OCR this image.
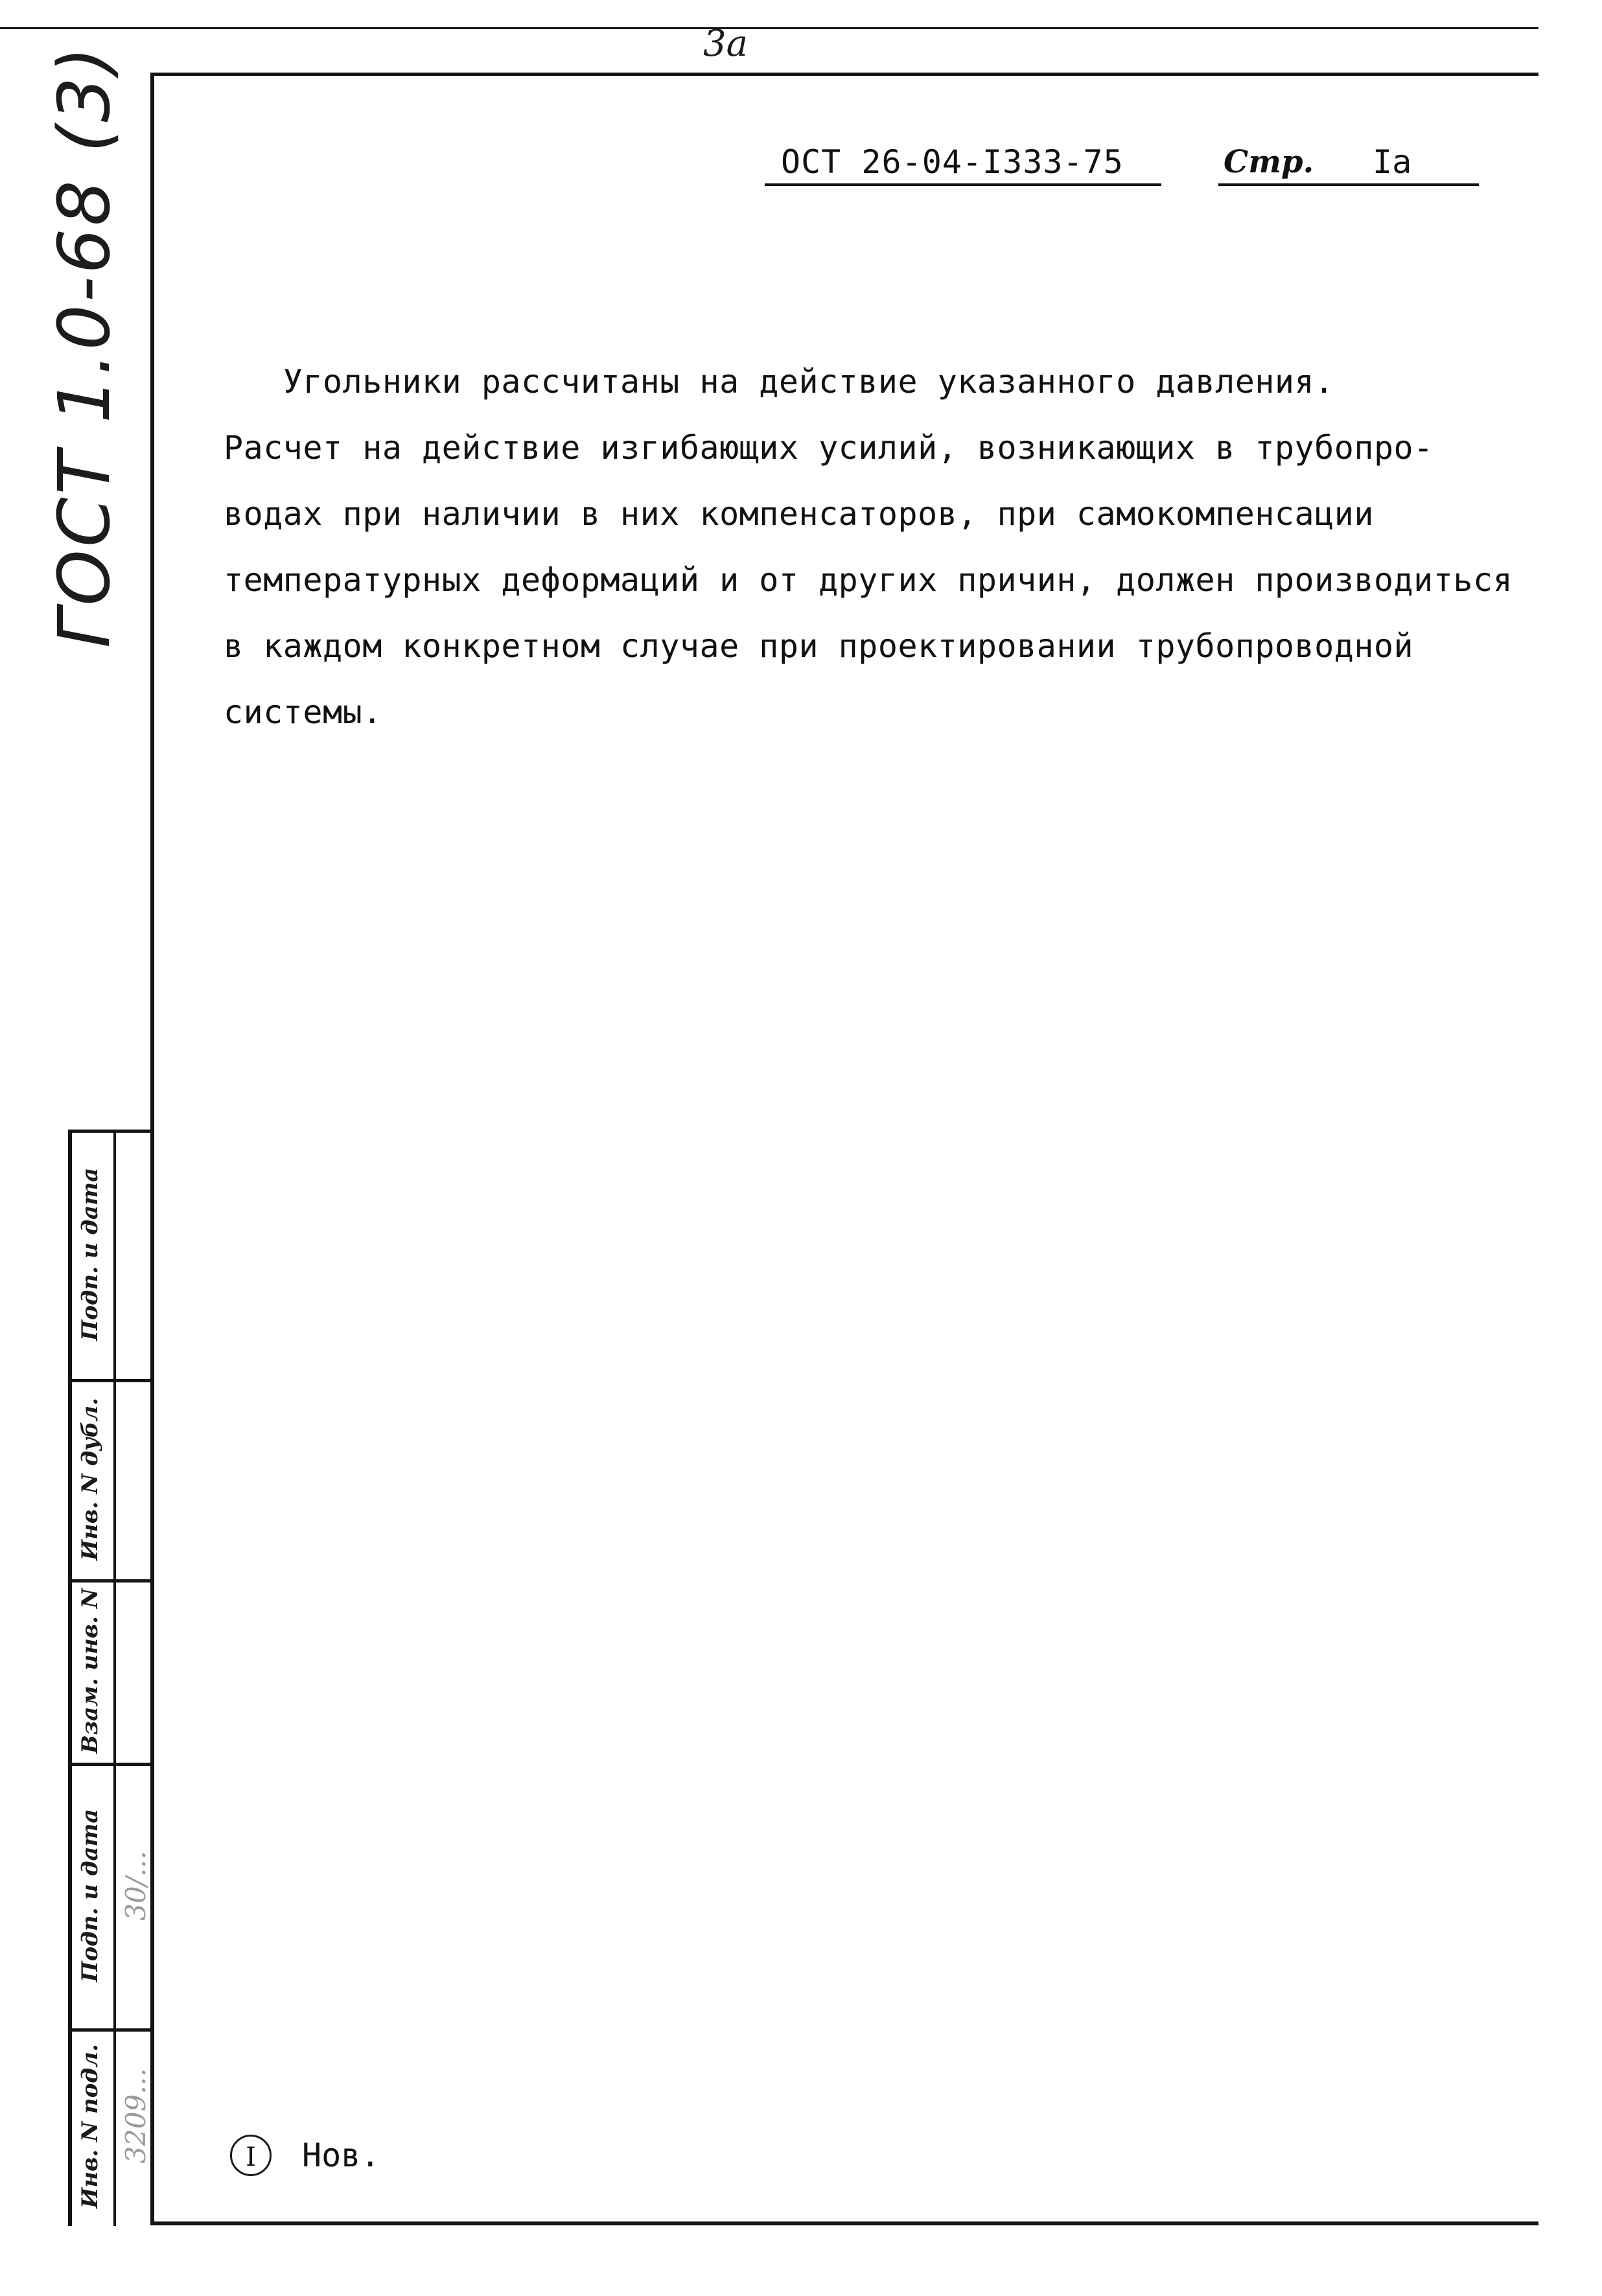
3a
ОСТ 26-04-I333-75	Стр. Iа

Угольники рассчитаны на действие указанного давления.
Расчет на действие изгибающих усилий, возникающих в трубопро-
водах при наличии в них компенсаторов, при самокомпенсации
температурных деформаций и от других причин, должен производиться
в каждом конкретном случае при проектировании трубопроводной
системы.

ГОСТ 1.0-68 (3)
Подп. и дата
Инв. N дубл.
Взам. инв. N
Подп. и дата
Инв. N подл.
30/...
3209...	I	Нов.
